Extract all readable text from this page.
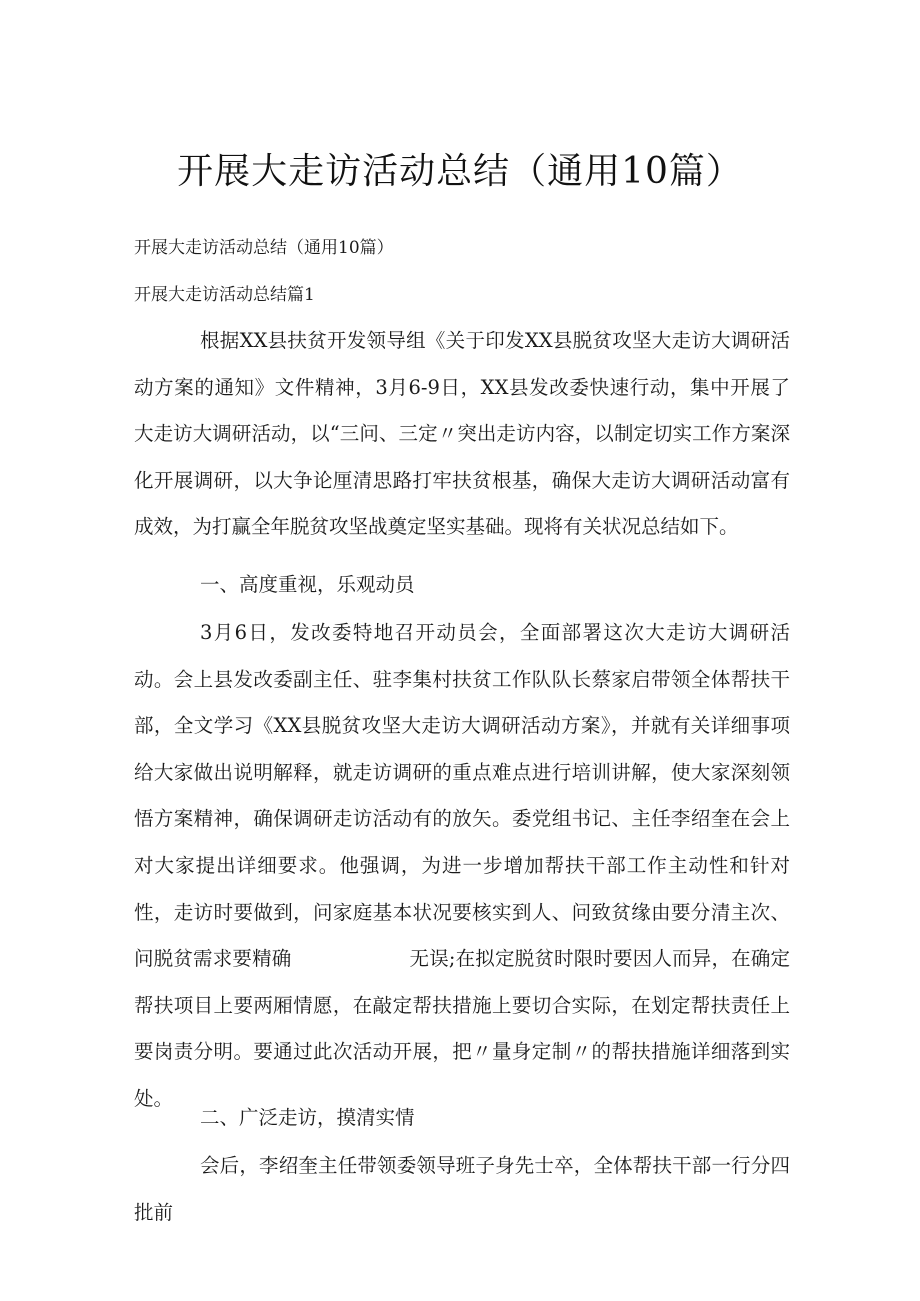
开展大走访活动总结（通用10篇）
开展大走访活动总结（通用10篇）
开展大走访活动总结篇1
根据XX县扶贫开发领导组《关于印发XX县脱贫攻坚大走访大调研活动方案的通知》文件精神，3月6-9日，XX县发改委快速行动，集中开展了大走访大调研活动，以“三问、三定〃突出走访内容，以制定切实工作方案深化开展调研，以大争论厘清思路打牢扶贫根基，确保大走访大调研活动富有成效，为打赢全年脱贫攻坚战奠定坚实基础。现将有关状况总结如下。
一、高度重视，乐观动员
3月6日，发改委特地召开动员会，全面部署这次大走访大调研活动。会上县发改委副主任、驻李集村扶贫工作队队长蔡家启带领全体帮扶干部，全文学习《XX县脱贫攻坚大走访大调研活动方案》，并就有关详细事项给大家做出说明解释，就走访调研的重点难点进行培训讲解，使大家深刻领悟方案精神，确保调研走访活动有的放矢。委党组书记、主任李绍奎在会上对大家提出详细要求。他强调，为进一步增加帮扶干部工作主动性和针对性，走访时要做到，问家庭基本状况要核实到人、问致贫缘由要分清主次、问脱贫需求要精确　　　　　　无误;在拟定脱贫时限时要因人而异，在确定帮扶项目上要两厢情愿，在敲定帮扶措施上要切合实际，在划定帮扶责任上要岗责分明。要通过此次活动开展，把〃量身定制〃的帮扶措施详细落到实处。
二、广泛走访，摸清实情
会后，李绍奎主任带领委领导班子身先士卒，全体帮扶干部一行分四批前
